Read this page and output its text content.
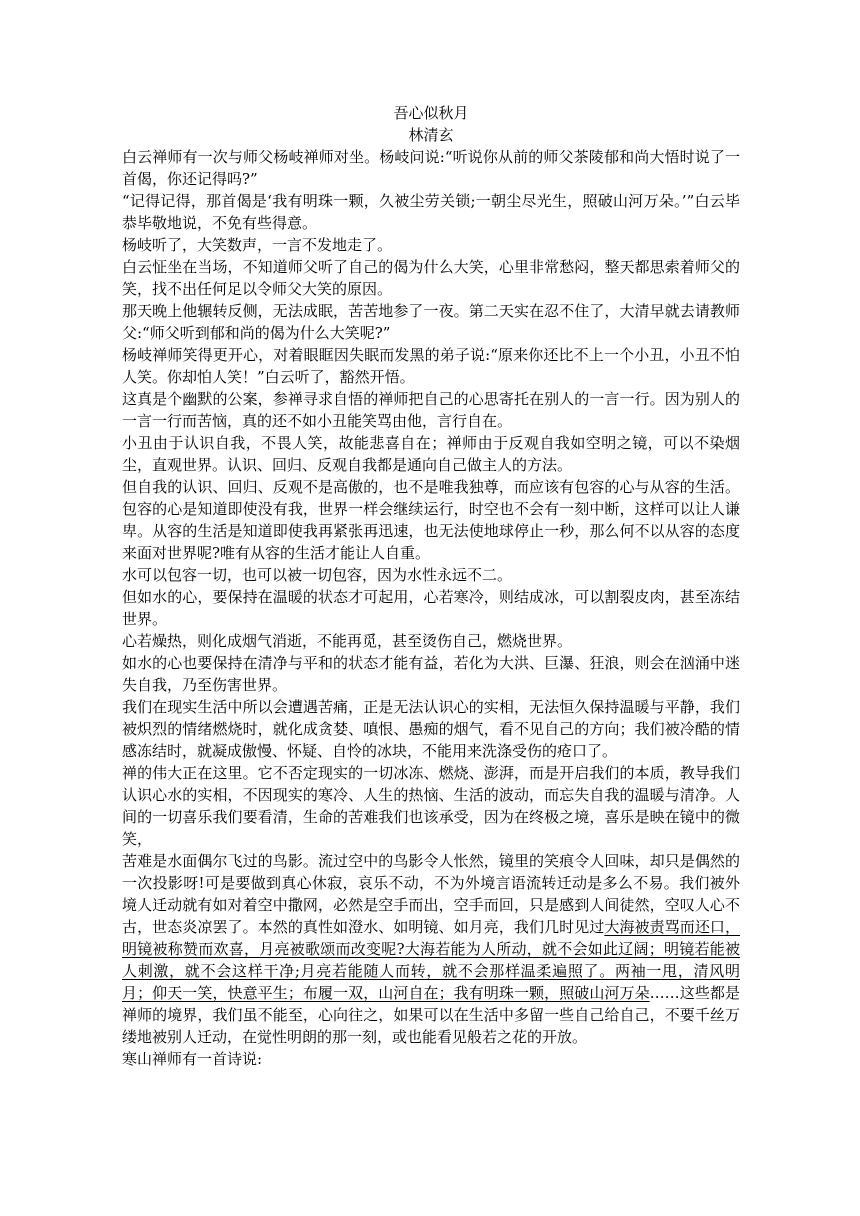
吾心似秋月

林清玄

白云禅师有一次与师父杨岐禅师对坐。杨岐问说:“听说你从前的师父茶陵郁和尚大悟时说了一首偈，你还记得吗?”

“记得记得，那首偈是‘我有明珠一颗，久被尘劳关锁;一朝尘尽光生，照破山河万朵。’”白云毕恭毕敬地说，不免有些得意。

杨岐听了，大笑数声，一言不发地走了。

白云怔坐在当场，不知道师父听了自己的偈为什么大笑，心里非常愁闷，整天都思索着师父的笑，找不出任何足以令师父大笑的原因。

那天晚上他辗转反侧，无法成眠，苦苦地参了一夜。第二天实在忍不住了，大清早就去请教师父:“师父听到郁和尚的偈为什么大笑呢?”

杨岐禅师笑得更开心，对着眼眶因失眠而发黑的弟子说:“原来你还比不上一个小丑，小丑不怕人笑。你却怕人笑！”白云听了，豁然开悟。

这真是个幽默的公案，参禅寻求自悟的禅师把自己的心思寄托在别人的一言一行。因为别人的一言一行而苦恼，真的还不如小丑能笑骂由他，言行自在。

小丑由于认识自我，不畏人笑，故能悲喜自在；禅师由于反观自我如空明之镜，可以不染烟尘，直观世界。认识、回归、反观自我都是通向自己做主人的方法。

但自我的认识、回归、反观不是高傲的，也不是唯我独尊，而应该有包容的心与从容的生活。包容的心是知道即使没有我，世界一样会继续运行，时空也不会有一刻中断，这样可以让人谦卑。从容的生活是知道即使我再紧张再迅速，也无法使地球停止一秒，那么何不以从容的态度来面对世界呢?唯有从容的生活才能让人自重。

水可以包容一切，也可以被一切包容，因为水性永远不二。

但如水的心，要保持在温暖的状态才可起用，心若寒冷，则结成冰，可以割裂皮肉，甚至冻结世界。

心若燥热，则化成烟气消逝，不能再觅，甚至烫伤自己，燃烧世界。

如水的心也要保持在清净与平和的状态才能有益，若化为大洪、巨瀑、狂浪，则会在汹涌中迷失自我，乃至伤害世界。

我们在现实生活中所以会遭遇苦痛，正是无法认识心的实相，无法恒久保持温暖与平静，我们被炽烈的情绪燃烧时，就化成贪婪、嗔恨、愚痴的烟气，看不见自己的方向；我们被冷酷的情感冻结时，就凝成傲慢、怀疑、自怜的冰块，不能用来洗涤受伤的疮口了。

禅的伟大正在这里。它不否定现实的一切冰冻、燃烧、澎湃，而是开启我们的本质，教导我们认识心水的实相，不因现实的寒冷、人生的热恼、生活的波动，而忘失自我的温暖与清净。人间的一切喜乐我们要看清，生命的苦难我们也该承受，因为在终极之境，喜乐是映在镜中的微笑，

苦难是水面偶尔飞过的鸟影。流过空中的鸟影令人怅然，镜里的笑痕令人回味，却只是偶然的一次投影呀!可是要做到真心休寂，哀乐不动，不为外境言语流转迁动是多么不易。我们被外境人迁动就有如对着空中撒网，必然是空手而出，空手而回，只是感到人间徒然，空叹人心不古，世态炎凉罢了。本然的真性如澄水、如明镜、如月亮，我们几时见过大海被责骂而还口，明镜被称赞而欢喜，月亮被歌颂而改变呢?大海若能为人所动，就不会如此辽阔；明镜若能被人刺激，就不会这样干净;月亮若能随人而转，就不会那样温柔遍照了。两袖一甩，清风明月；仰天一笑，快意平生；布履一双，山河自在；我有明珠一颗，照破山河万朵……这些都是禅师的境界，我们虽不能至，心向往之，如果可以在生活中多留一些自己给自己，不要千丝万缕地被别人迁动，在觉性明朗的那一刻，或也能看见般若之花的开放。

寒山禅师有一首诗说:
